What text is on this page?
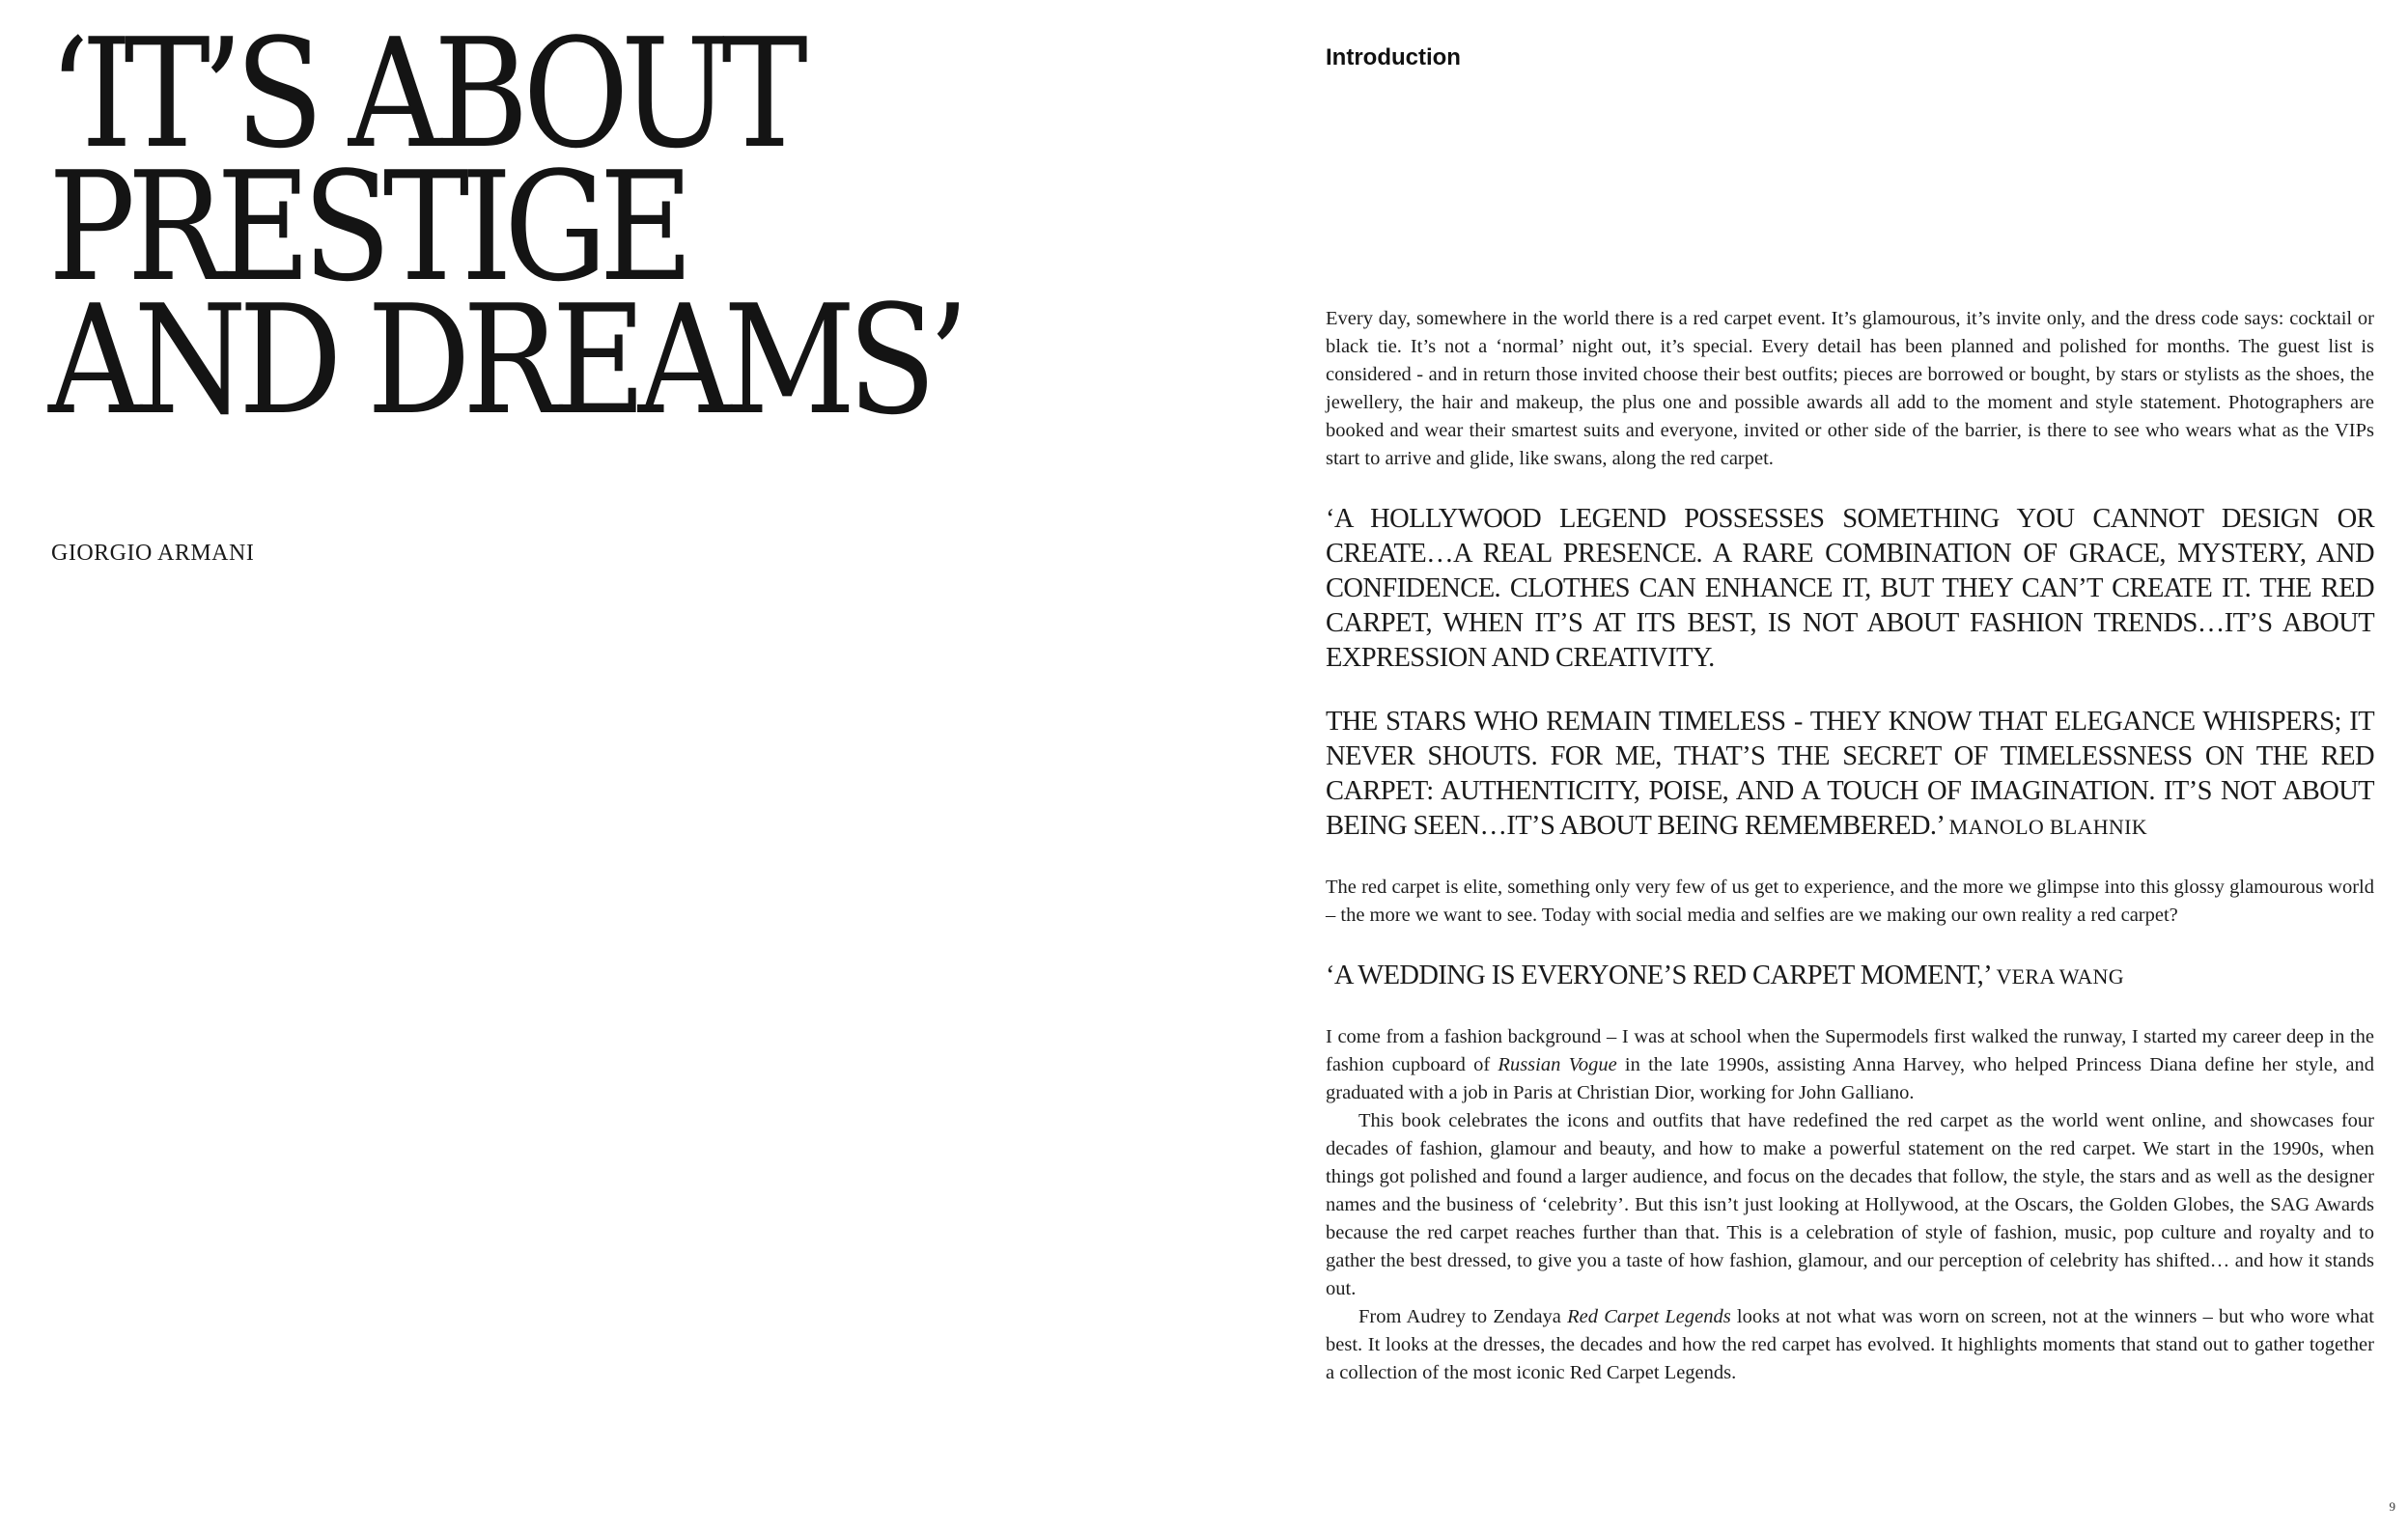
‘IT’S ABOUT
PRESTIGE
AND DREAMS’
GIORGIO ARMANI
Introduction

Every day, somewhere in the world there is a red carpet event. It’s glamourous, it’s invite only, and the dress code says: cocktail or black tie. It’s not a ‘normal’ night out, it’s special. Every detail has been planned and polished for months. The guest list is considered - and in return those invited choose their best outfits; pieces are borrowed or bought, by stars or stylists as the shoes, the jewellery, the hair and makeup, the plus one and possible awards all add to the moment and style statement. Photographers are booked and wear their smartest suits and everyone, invited or other side of the barrier, is there to see who wears what as the VIPs start to arrive and glide, like swans, along the red carpet.

‘A HOLLYWOOD LEGEND POSSESSES SOMETHING YOU CANNOT DESIGN OR CREATE…A REAL PRESENCE. A RARE COMBINATION OF GRACE, MYSTERY, AND CONFIDENCE. CLOTHES CAN ENHANCE IT, BUT THEY CAN’T CREATE IT. THE RED CARPET, WHEN IT’S AT ITS BEST, IS NOT ABOUT FASHION TRENDS…IT’S ABOUT EXPRESSION AND CREATIVITY.

THE STARS WHO REMAIN TIMELESS - THEY KNOW THAT ELEGANCE WHISPERS; IT NEVER SHOUTS. FOR ME, THAT’S THE SECRET OF TIMELESSNESS ON THE RED CARPET: AUTHENTICITY, POISE, AND A TOUCH OF IMAGINATION. IT’S NOT ABOUT BEING SEEN…IT’S ABOUT BEING REMEMBERED.’ MANOLO BLAHNIK

The red carpet is elite, something only very few of us get to experience, and the more we glimpse into this glossy glamourous world – the more we want to see. Today with social media and selfies are we making our own reality a red carpet?

‘A WEDDING IS EVERYONE’S RED CARPET MOMENT,’ VERA WANG

I come from a fashion background – I was at school when the Supermodels first walked the runway, I started my career deep in the fashion cupboard of Russian Vogue in the late 1990s, assisting Anna Harvey, who helped Princess Diana define her style, and graduated with a job in Paris at Christian Dior, working for John Galliano.

This book celebrates the icons and outfits that have redefined the red carpet as the world went online, and showcases four decades of fashion, glamour and beauty, and how to make a powerful statement on the red carpet. We start in the 1990s, when things got polished and found a larger audience, and focus on the decades that follow, the style, the stars and as well as the designer names and the business of ‘celebrity’. But this isn’t just looking at Hollywood, at the Oscars, the Golden Globes, the SAG Awards because the red carpet reaches further than that. This is a celebration of style of fashion, music, pop culture and royalty and to gather the best dressed, to give you a taste of how fashion, glamour, and our perception of celebrity has shifted… and how it stands out.

From Audrey to Zendaya Red Carpet Legends looks at not what was worn on screen, not at the winners – but who wore what best. It looks at the dresses, the decades and how the red carpet has evolved. It highlights moments that stand out to gather together a collection of the most iconic Red Carpet Legends.

9
